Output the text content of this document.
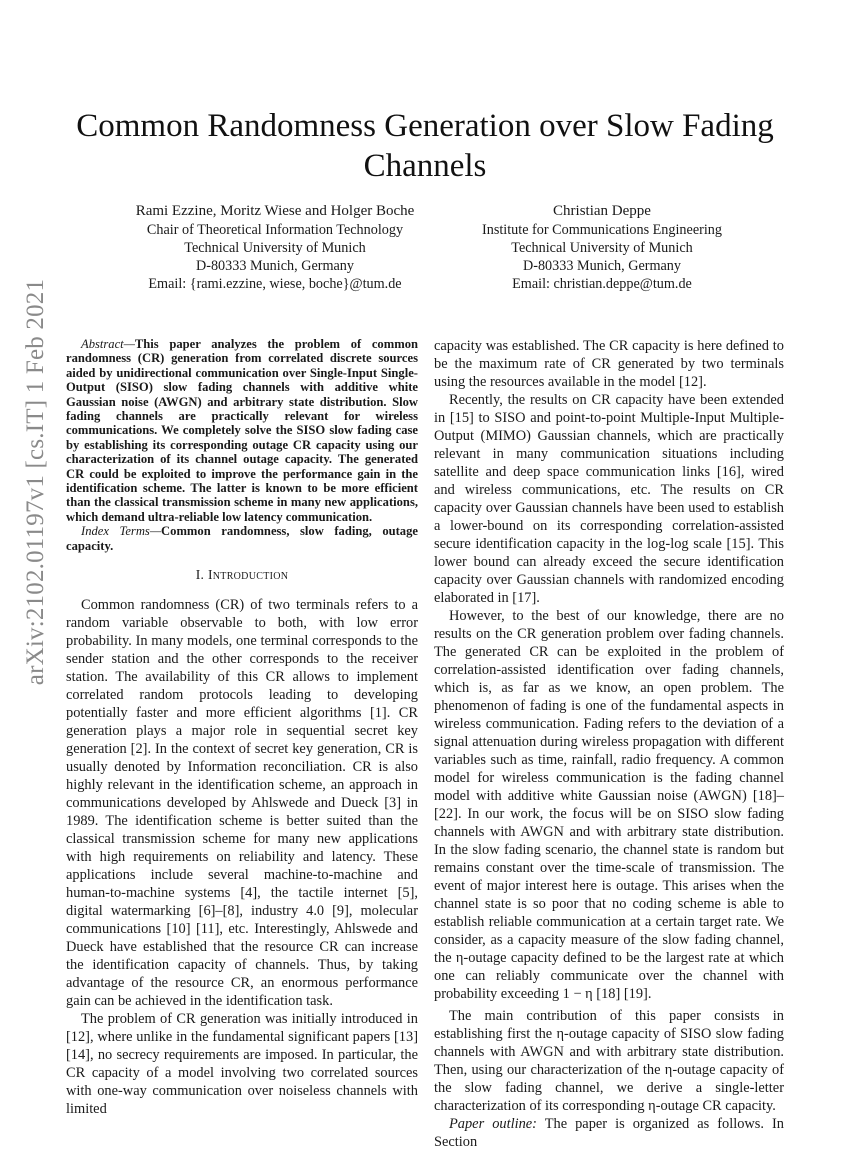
arXiv:2102.01197v1 [cs.IT] 1 Feb 2021
Common Randomness Generation over Slow Fading Channels
Rami Ezzine, Moritz Wiese and Holger Boche
Chair of Theoretical Information Technology
Technical University of Munich
D-80333 Munich, Germany
Email: {rami.ezzine, wiese, boche}@tum.de
Christian Deppe
Institute for Communications Engineering
Technical University of Munich
D-80333 Munich, Germany
Email: christian.deppe@tum.de

Abstract—This paper analyzes the problem of common randomness (CR) generation from correlated discrete sources aided by unidirectional communication over Single-Input Single-Output (SISO) slow fading channels with additive white Gaussian noise (AWGN) and arbitrary state distribution. Slow fading channels are practically relevant for wireless communications. We completely solve the SISO slow fading case by establishing its corresponding outage CR capacity using our characterization of its channel outage capacity. The generated CR could be exploited to improve the performance gain in the identification scheme. The latter is known to be more efficient than the classical transmission scheme in many new applications, which demand ultra-reliable low latency communication.

Index Terms—Common randomness, slow fading, outage capacity.

I. Introduction

Common randomness (CR) of two terminals refers to a random variable observable to both, with low error probability. In many models, one terminal corresponds to the sender station and the other corresponds to the receiver station. The availability of this CR allows to implement correlated random protocols leading to developing potentially faster and more efficient algorithms [1]. CR generation plays a major role in sequential secret key generation [2]. In the context of secret key generation, CR is usually denoted by Information reconciliation. CR is also highly relevant in the identification scheme, an approach in communications developed by Ahlswede and Dueck [3] in 1989. The identification scheme is better suited than the classical transmission scheme for many new applications with high requirements on reliability and latency. These applications include several machine-to-machine and human-to-machine systems [4], the tactile internet [5], digital watermarking [6]–[8], industry 4.0 [9], molecular communications [10] [11], etc. Interestingly, Ahlswede and Dueck have established that the resource CR can increase the identification capacity of channels. Thus, by taking advantage of the resource CR, an enormous performance gain can be achieved in the identification task.

The problem of CR generation was initially introduced in [12], where unlike in the fundamental significant papers [13] [14], no secrecy requirements are imposed. In particular, the CR capacity of a model involving two correlated sources with one-way communication over noiseless channels with limited

capacity was established. The CR capacity is here defined to be the maximum rate of CR generated by two terminals using the resources available in the model [12].

Recently, the results on CR capacity have been extended in [15] to SISO and point-to-point Multiple-Input Multiple-Output (MIMO) Gaussian channels, which are practically relevant in many communication situations including satellite and deep space communication links [16], wired and wireless communications, etc. The results on CR capacity over Gaussian channels have been used to establish a lower-bound on its corresponding correlation-assisted secure identification capacity in the log-log scale [15]. This lower bound can already exceed the secure identification capacity over Gaussian channels with randomized encoding elaborated in [17].

However, to the best of our knowledge, there are no results on the CR generation problem over fading channels. The generated CR can be exploited in the problem of correlation-assisted identification over fading channels, which is, as far as we know, an open problem. The phenomenon of fading is one of the fundamental aspects in wireless communication. Fading refers to the deviation of a signal attenuation during wireless propagation with different variables such as time, rainfall, radio frequency. A common model for wireless communication is the fading channel model with additive white Gaussian noise (AWGN) [18]–[22]. In our work, the focus will be on SISO slow fading channels with AWGN and with arbitrary state distribution. In the slow fading scenario, the channel state is random but remains constant over the time-scale of transmission. The event of major interest here is outage. This arises when the channel state is so poor that no coding scheme is able to establish reliable communication at a certain target rate. We consider, as a capacity measure of the slow fading channel, the η-outage capacity defined to be the largest rate at which one can reliably communicate over the channel with probability exceeding 1 − η [18] [19].

The main contribution of this paper consists in establishing first the η-outage capacity of SISO slow fading channels with AWGN and with arbitrary state distribution. Then, using our characterization of the η-outage capacity of the slow fading channel, we derive a single-letter characterization of its corresponding η-outage CR capacity.

Paper outline: The paper is organized as follows. In Section
